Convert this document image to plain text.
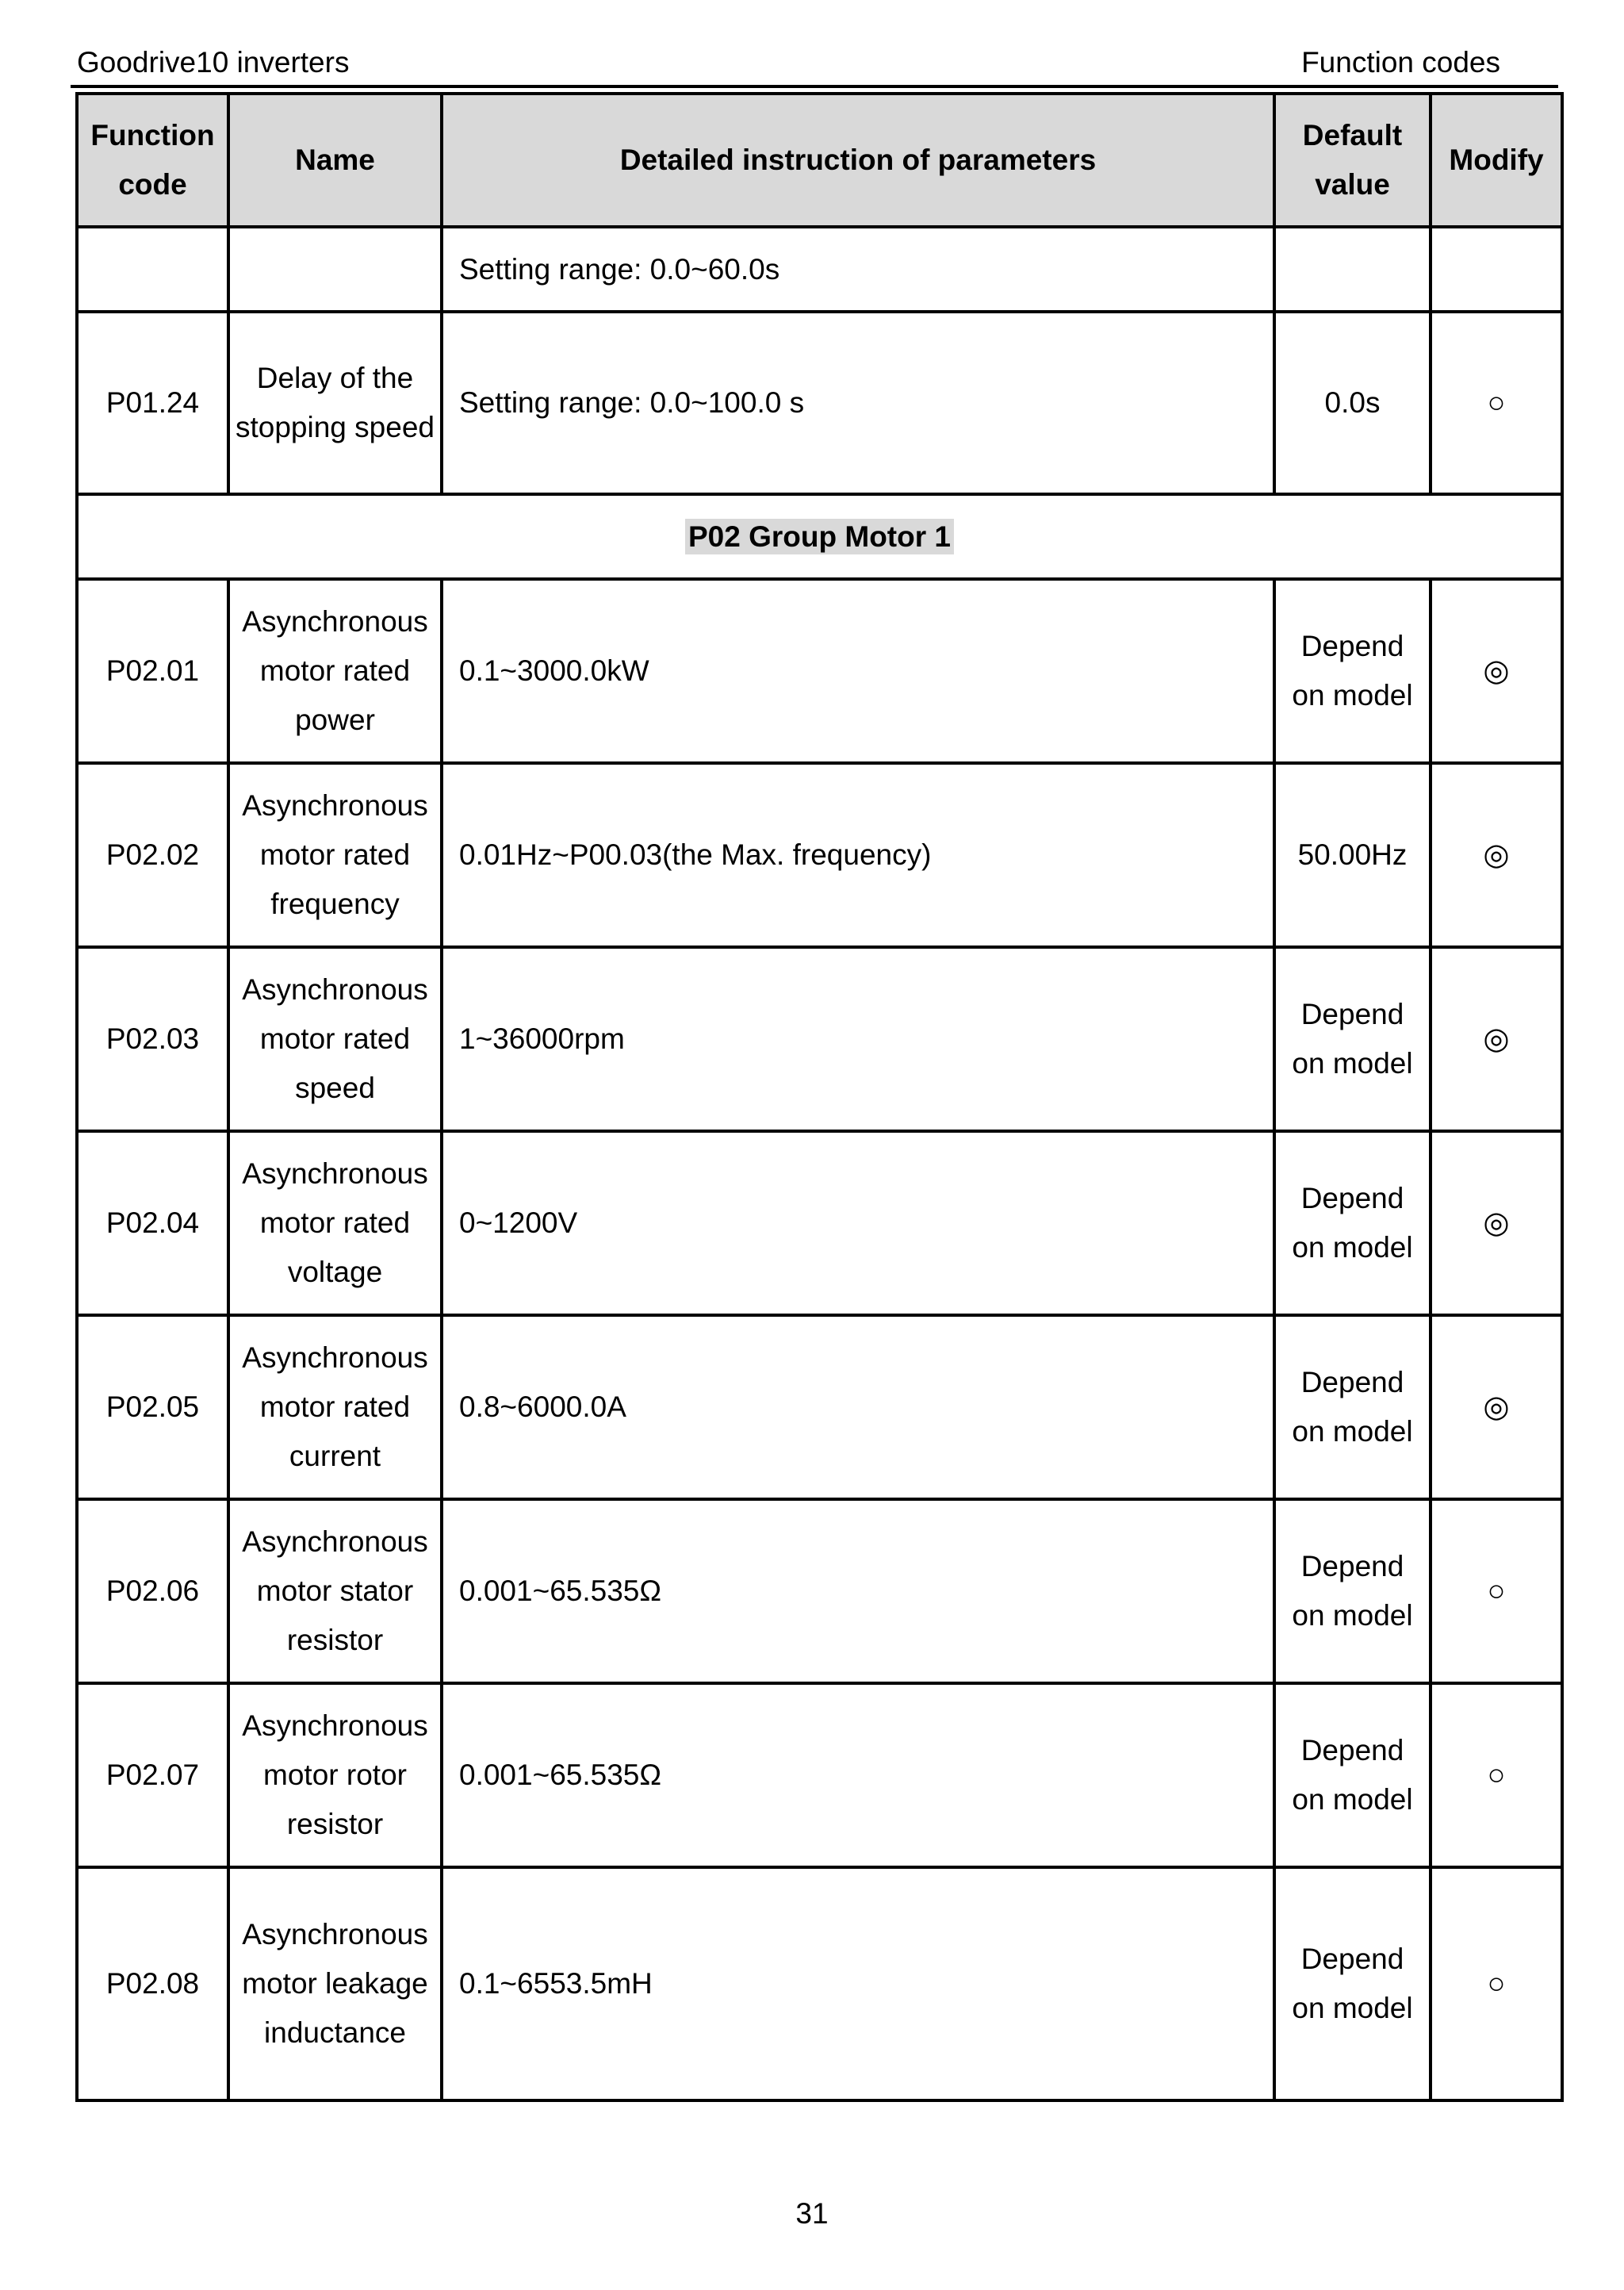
Goodrive10 inverters	Function codes
Function code	Name	Detailed instruction of parameters	Default value	Modify
		Setting range: 0.0~60.0s		
P01.24	Delay of the stopping speed	Setting range: 0.0~100.0 s	0.0s	○
P02 Group Motor 1				
P02.01	Asynchronous motor rated power	0.1~3000.0kW	Depend on model	◎
P02.02	Asynchronous motor rated frequency	0.01Hz~P00.03(the Max. frequency)	50.00Hz	◎
P02.03	Asynchronous motor rated speed	1~36000rpm	Depend on model	◎
P02.04	Asynchronous motor rated voltage	0~1200V	Depend on model	◎
P02.05	Asynchronous motor rated current	0.8~6000.0A	Depend on model	◎
P02.06	Asynchronous motor stator resistor	0.001~65.535Ω	Depend on model	○
P02.07	Asynchronous motor rotor resistor	0.001~65.535Ω	Depend on model	○
P02.08	Asynchronous motor leakage inductance	0.1~6553.5mH	Depend on model	○
31
